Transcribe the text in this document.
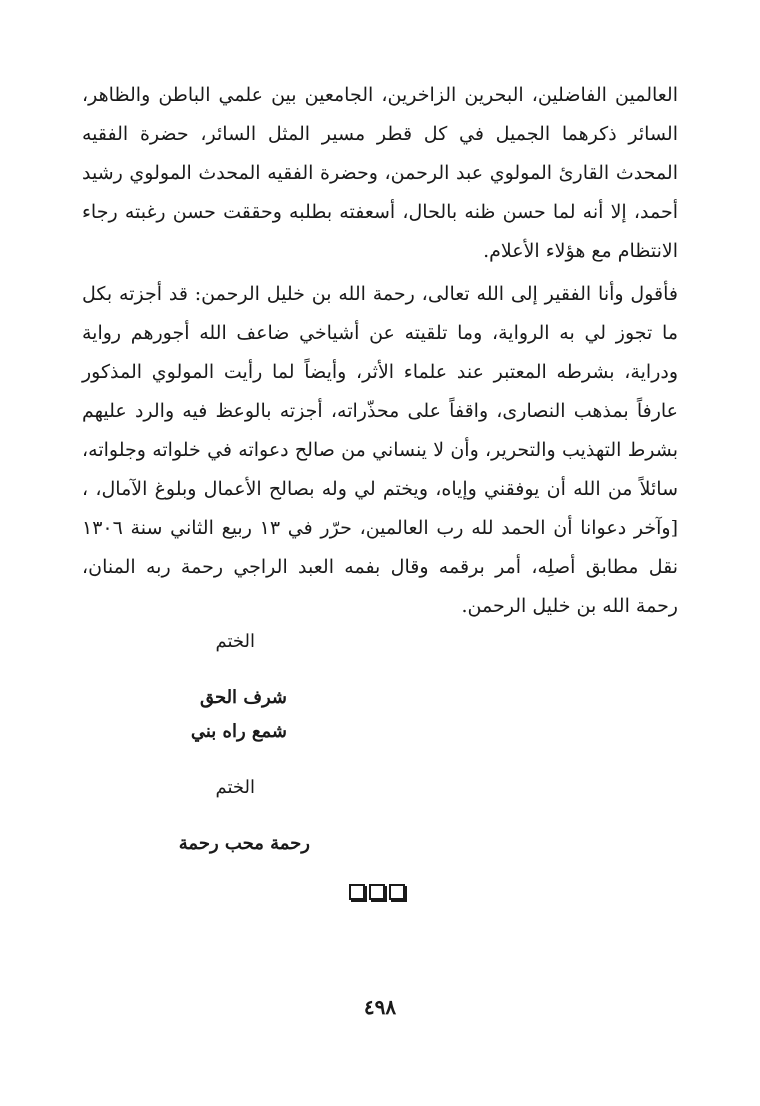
العالمين الفاضلين، البحرين الزاخرين، الجامعين بين علمي الباطن والظاهر، السائر ذكرهما الجميل في كل قطر مسير المثل السائر، حضرة الفقيه المحدث القارئ المولوي عبد الرحمن، وحضرة الفقيه المحدث المولوي رشيد أحمد، إلا أنه لما حسن ظنه بالحال، أسعفته بطلبه وحققت حسن رغبته رجاء الانتظام مع هؤلاء الأعلام.

فأقول وأنا الفقير إلى الله تعالى، رحمة الله بن خليل الرحمن: قد أجزته بكل ما تجوز لي به الرواية، وما تلقيته عن أشياخي ضاعف الله أجورهم رواية ودراية، بشرطه المعتبر عند علماء الأثر، وأيضاً لما رأيت المولوي المذكور عارفاً بمذهب النصارى، واقفاً على محذّراته، أجزته بالوعظ فيه والرد عليهم بشرط التهذيب والتحرير، وأن لا ينساني من صالح دعواته في خلواته وجلواته، سائلاً من الله أن يوفقني وإياه، ويختم لي وله بصالح الأعمال وبلوغ الآمال، ، [وآخر دعوانا أن الحمد لله رب العالمين، حرّر في ١٣ ربيع الثاني سنة ١٣٠٦ نقل مطابق أصلِه، أمر برقمه وقال بفمه العبد الراجي رحمة ربه المنان، رحمة الله بن خليل الرحمن.

الختم
شرف الحق
شمع راه بني
الختم
رحمة محب رحمة
٤٩٨
